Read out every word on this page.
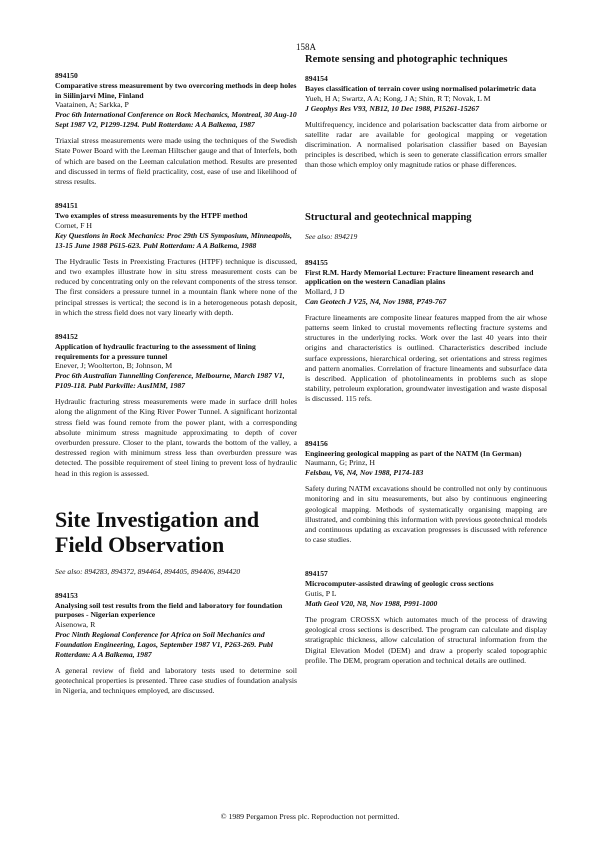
158A
894150
Comparative stress measurement by two overcoring methods in deep holes in Siilinjarvi Mine, Finland
Vaatainen, A; Sarkka, P
Proc 6th International Conference on Rock Mechanics, Montreal, 30 Aug-10 Sept 1987 V2, P1299-1294. Publ Rotterdam: A A Balkema, 1987
Triaxial stress measurements were made using the techniques of the Swedish State Power Board with the Leeman Hiltscher gauge and that of Interfels, both of which are based on the Leeman calculation method. Results are presented and discussed in terms of field practicality, cost, ease of use and likelihood of stress results.
894151
Two examples of stress measurements by the HTPF method
Cornet, F H
Key Questions in Rock Mechanics: Proc 29th US Symposium, Minneapolis, 13-15 June 1988 P615-623. Publ Rotterdam: A A Balkema, 1988
The Hydraulic Tests in Preexisting Fractures (HTPF) technique is discussed, and two examples illustrate how in situ stress measurement costs can be reduced by concentrating only on the relevant components of the stress tensor. The first considers a pressure tunnel in a mountain flank where none of the principal stresses is vertical; the second is in a heterogeneous potash deposit, in which the stress field does not vary linearly with depth.
894152
Application of hydraulic fracturing to the assessment of lining requirements for a pressure tunnel
Enever, J; Woolterton, B; Johnson, M
Proc 6th Australian Tunnelling Conference, Melbourne, March 1987 V1, P109-118. Publ Parkville: AusIMM, 1987
Hydraulic fracturing stress measurements were made in surface drill holes along the alignment of the King River Power Tunnel. A significant horizontal stress field was found remote from the power plant, with a corresponding absolute minimum stress magnitude approximating to depth of cover overburden pressure. Closer to the plant, towards the bottom of the valley, a destressed region with minimum stress less than overburden pressure was detected. The possible requirement of steel lining to prevent loss of hydraulic head in this region is assessed.
Site Investigation and Field Observation
See also: 894283, 894372, 894464, 894405, 894406, 894420
894153
Analysing soil test results from the field and laboratory for foundation purposes - Nigerian experience
Aisenowa, R
Proc Ninth Regional Conference for Africa on Soil Mechanics and Foundation Engineering, Lagos, September 1987 V1, P263-269. Publ Rotterdam: A A Balkema, 1987
A general review of field and laboratory tests used to determine soil geotechnical properties is presented. Three case studies of foundation analysis in Nigeria, and techniques employed, are discussed.
Remote sensing and photographic techniques
894154
Bayes classification of terrain cover using normalised polarimetric data
Yueh, H A; Swartz, A A; Kong, J A; Shin, R T; Novak, L M
J Geophys Res V93, NB12, 10 Dec 1988, P15261-15267
Multifrequency, incidence and polarisation backscatter data from airborne or satellite radar are available for geological mapping or vegetation discrimination. A normalised polarisation classifier based on Bayesian principles is described, which is seen to generate classification errors smaller than those which employ only magnitude ratios or phase differences.
Structural and geotechnical mapping
See also: 894219
894155
First R.M. Hardy Memorial Lecture: Fracture lineament research and application on the western Canadian plains
Mollard, J D
Can Geotech J V25, N4, Nov 1988, P749-767
Fracture lineaments are composite linear features mapped from the air whose patterns seem linked to crustal movements reflecting fracture systems and structures in the underlying rocks. Work over the last 40 years into their origins and characteristics is outlined. Characteristics described include surface expressions, hierarchical ordering, set orientations and stress regimes and pattern anomalies. Correlation of fracture lineaments and subsurface data is described. Application of photolineaments in problems such as slope stability, petroleum exploration, groundwater investigation and waste disposal is discussed. 115 refs.
894156
Engineering geological mapping as part of the NATM (In German)
Naumann, G; Prinz, H
Felsbau, V6, N4, Nov 1988, P174-183
Safety during NATM excavations should be controlled not only by continuous monitoring and in situ measurements, but also by continuous engineering geological mapping. Methods of systematically organising mapping are illustrated, and combining this information with previous geotechnical models and continuous updating as excavation progresses is discussed with reference to case studies.
894157
Microcomputer-assisted drawing of geologic cross sections
Gutis, P L
Math Geol V20, N8, Nov 1988, P991-1000
The program CROSSX which automates much of the process of drawing geological cross sections is described. The program can calculate and display stratigraphic thickness, allow calculation of structural information from the Digital Elevation Model (DEM) and draw a properly scaled topographic profile. The DEM, program operation and technical details are outlined.
© 1989 Pergamon Press plc. Reproduction not permitted.
